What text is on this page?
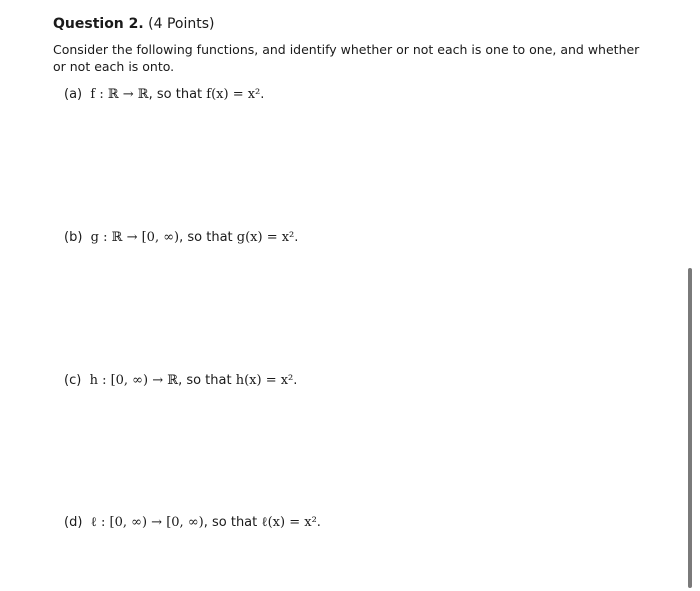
Question 2. (4 Points)
Consider the following functions, and identify whether or not each is one to one, and whether or not each is onto.
(a) f : ℝ → ℝ, so that f(x) = x².
(b) g : ℝ → [0, ∞), so that g(x) = x².
(c) h : [0, ∞) → ℝ, so that h(x) = x².
(d) ℓ : [0, ∞) → [0, ∞), so that ℓ(x) = x².
